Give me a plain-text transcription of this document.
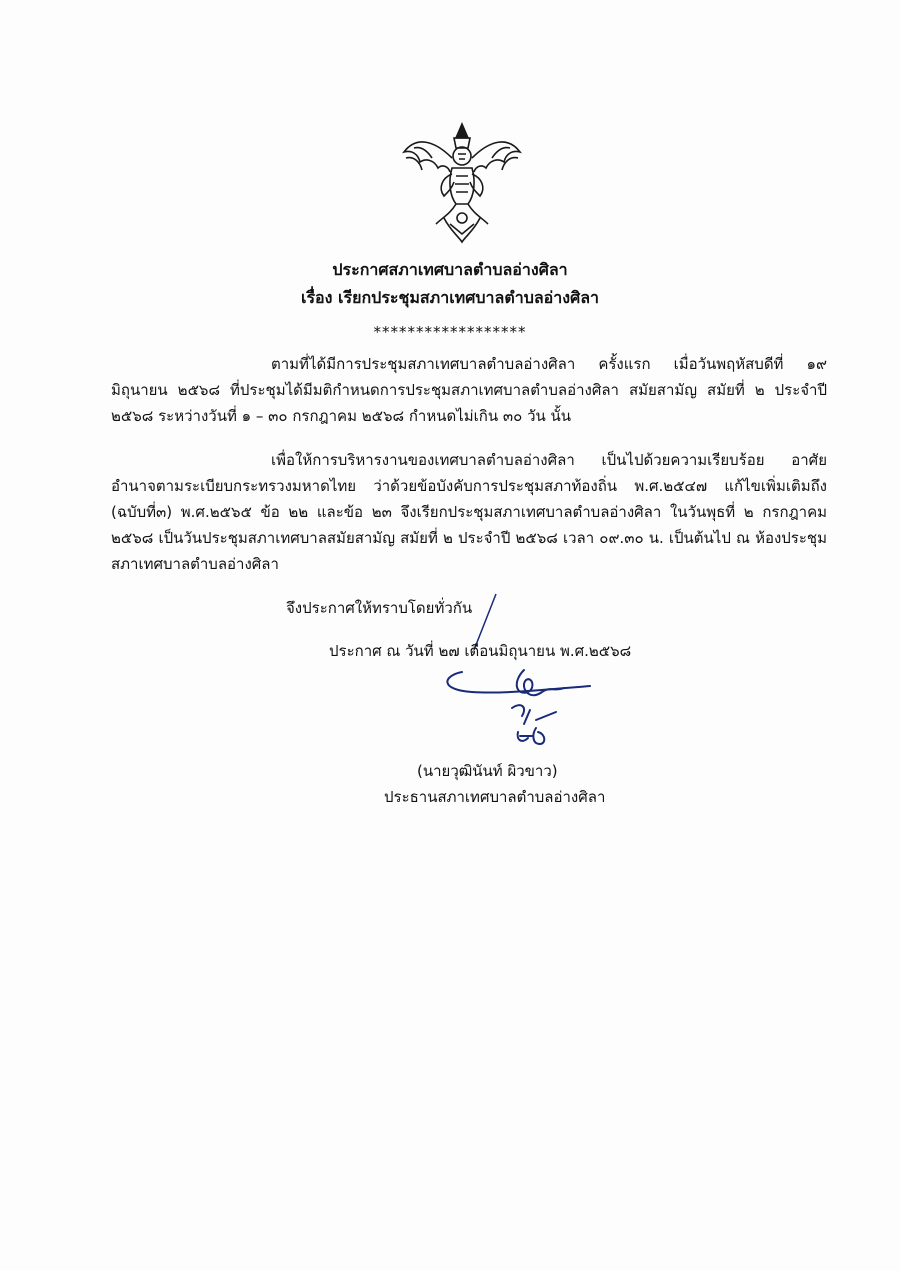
ประกาศสภาเทศบาลตำบลอ่างศิลา
เรื่อง เรียกประชุมสภาเทศบาลตำบลอ่างศิลา
******************
ตามที่ได้มีการประชุมสภาเทศบาลตำบลอ่างศิลา ครั้งแรก เมื่อวันพฤหัสบดีที่ ๑๙ มิถุนายน ๒๕๖๘ ที่ประชุมได้มีมติกำหนดการประชุมสภาเทศบาลตำบลอ่างศิลา สมัยสามัญ สมัยที่ ๒ ประจำปี ๒๕๖๘ ระหว่างวันที่ ๑ – ๓๐ กรกฎาคม ๒๕๖๘ กำหนดไม่เกิน ๓๐ วัน นั้น
เพื่อให้การบริหารงานของเทศบาลตำบลอ่างศิลา เป็นไปด้วยความเรียบร้อย อาศัยอำนาจตามระเบียบกระทรวงมหาดไทย ว่าด้วยข้อบังคับการประชุมสภาท้องถิ่น พ.ศ.๒๕๔๗ แก้ไขเพิ่มเติมถึง (ฉบับที่๓) พ.ศ.๒๕๖๕ ข้อ ๒๒ และข้อ ๒๓ จึงเรียกประชุมสภาเทศบาลตำบลอ่างศิลา ในวันพุธที่ ๒ กรกฎาคม ๒๕๖๘ เป็นวันประชุมสภาเทศบาลสมัยสามัญ สมัยที่ ๒ ประจำปี ๒๕๖๘ เวลา ๐๙.๓๐ น. เป็นต้นไป ณ ห้องประชุมสภาเทศบาลตำบลอ่างศิลา
จึงประกาศให้ทราบโดยทั่วกัน
ประกาศ ณ วันที่ ๒๗ เดือนมิถุนายน พ.ศ.๒๕๖๘
(นายวุฒินันท์ ผิวขาว)
ประธานสภาเทศบาลตำบลอ่างศิลา
